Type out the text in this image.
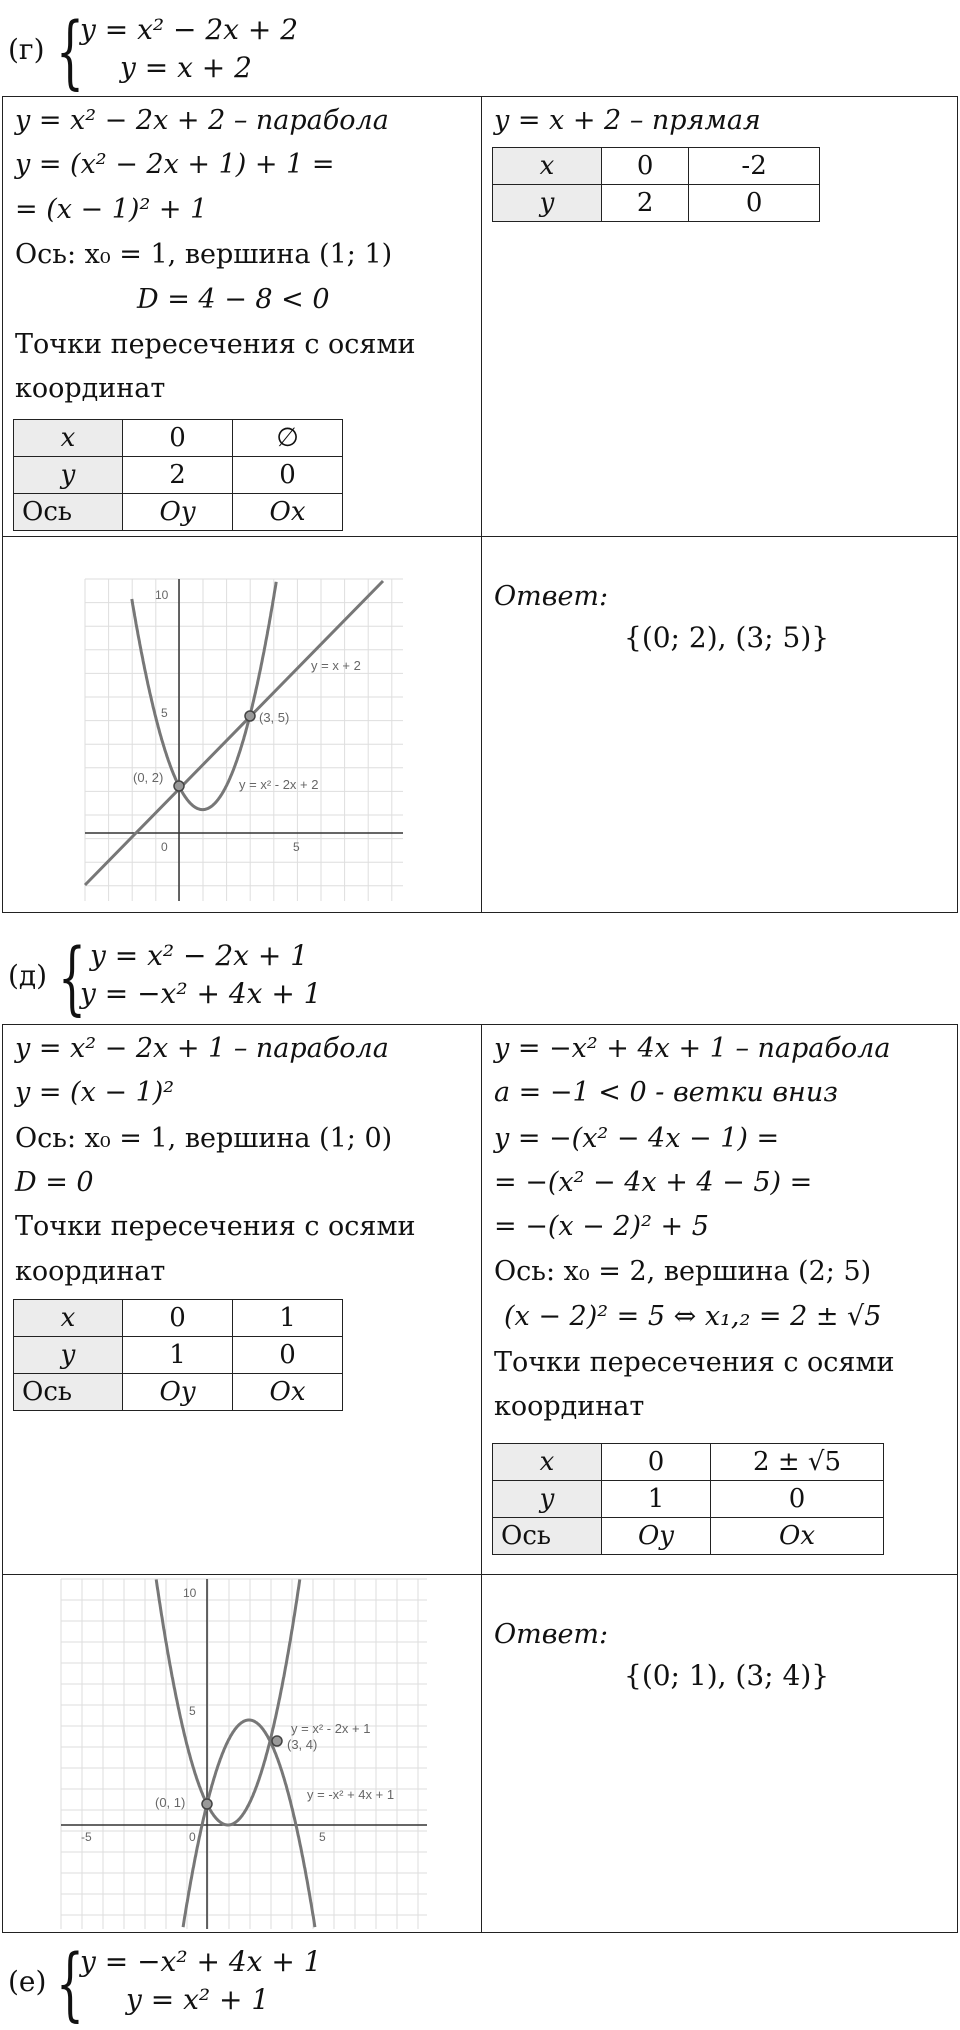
(г) {
y = x² − 2x + 2
y = x + 2
y = x² − 2x + 2 – парабола
y = (x² − 2x + 1) + 1 =
= (x − 1)² + 1
Ось: x₀ = 1, вершина (1; 1)
D = 4 − 8 < 0
Точки пересечения с осями
координат
x	0	∅
y	2	0
Ось	Oy	Ox

y = x + 2 – прямая
x	0	-2
y	2	0

10
5
0	5
y = x + 2
y = x² - 2x + 2
(3, 5)
(0, 2)

Ответ:
{(0; 2), (3; 5)}
(д) { y = x² − 2x + 1
y = −x² + 4x + 1
y = x² − 2x + 1 – парабола
y = (x − 1)²
Ось: x₀ = 1, вершина (1; 0)
D = 0
Точки пересечения с осями
координат
x	0	1
y	1	0
Ось	Oy	Ox

y = −x² + 4x + 1 – парабола
a = −1 < 0 - ветки вниз
y = −(x² − 4x − 1) =
= −(x² − 4x + 4 − 5) =
= −(x − 2)² + 5
Ось: x₀ = 2, вершина (2; 5)
(x − 2)² = 5 ⇔ x₁,₂ = 2 ± √5
Точки пересечения с осями
координат
x	0	2 ± √5
y	1	0
Ось	Oy	Ox

10
5
-5	0	5
y = x² - 2x + 1
y = -x² + 4x + 1
(3, 4)
(0, 1)

Ответ:
{(0; 1), (3; 4)}
(е) {
y = −x² + 4x + 1
y = x² + 1
